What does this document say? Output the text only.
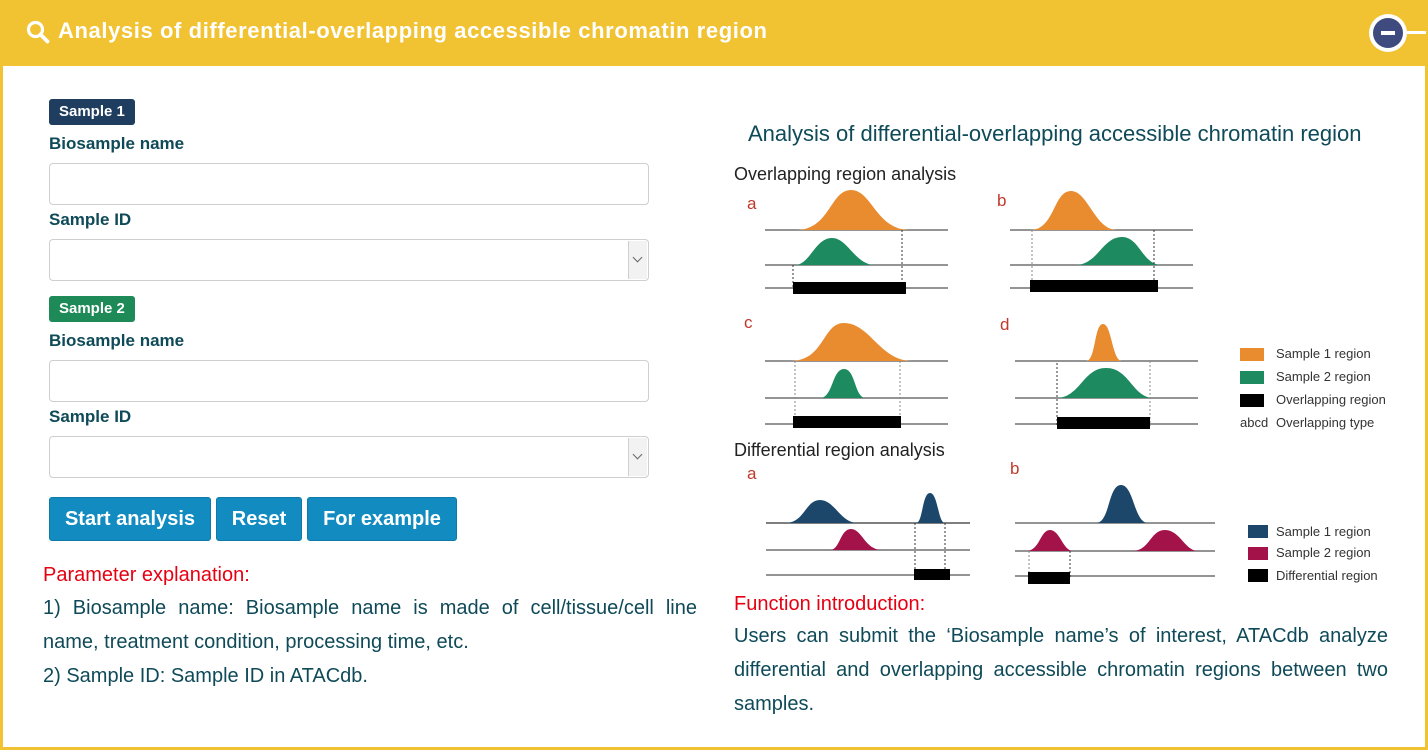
Analysis of differential-overlapping accessible chromatin region
Sample 1
Biosample name
Sample ID
Sample 2
Biosample name
Sample ID
Start analysis	Reset	For example
Parameter explanation:
1) Biosample name: Biosample name is made of cell/tissue/cell line name, treatment condition, processing time, etc.
2) Sample ID: Sample ID in ATACdb.
Analysis of differential-overlapping accessible chromatin region
Overlapping region analysis
a	b
c	d
Sample 1 region
Sample 2 region
Overlapping region
abcd Overlapping type
Differential region analysis
a	b
Sample 1 region
Sample 2 region
Differential region
Function introduction:
Users can submit the ‘Biosample name’s of interest, ATACdb analyze differential and overlapping accessible chromatin regions between two samples.
